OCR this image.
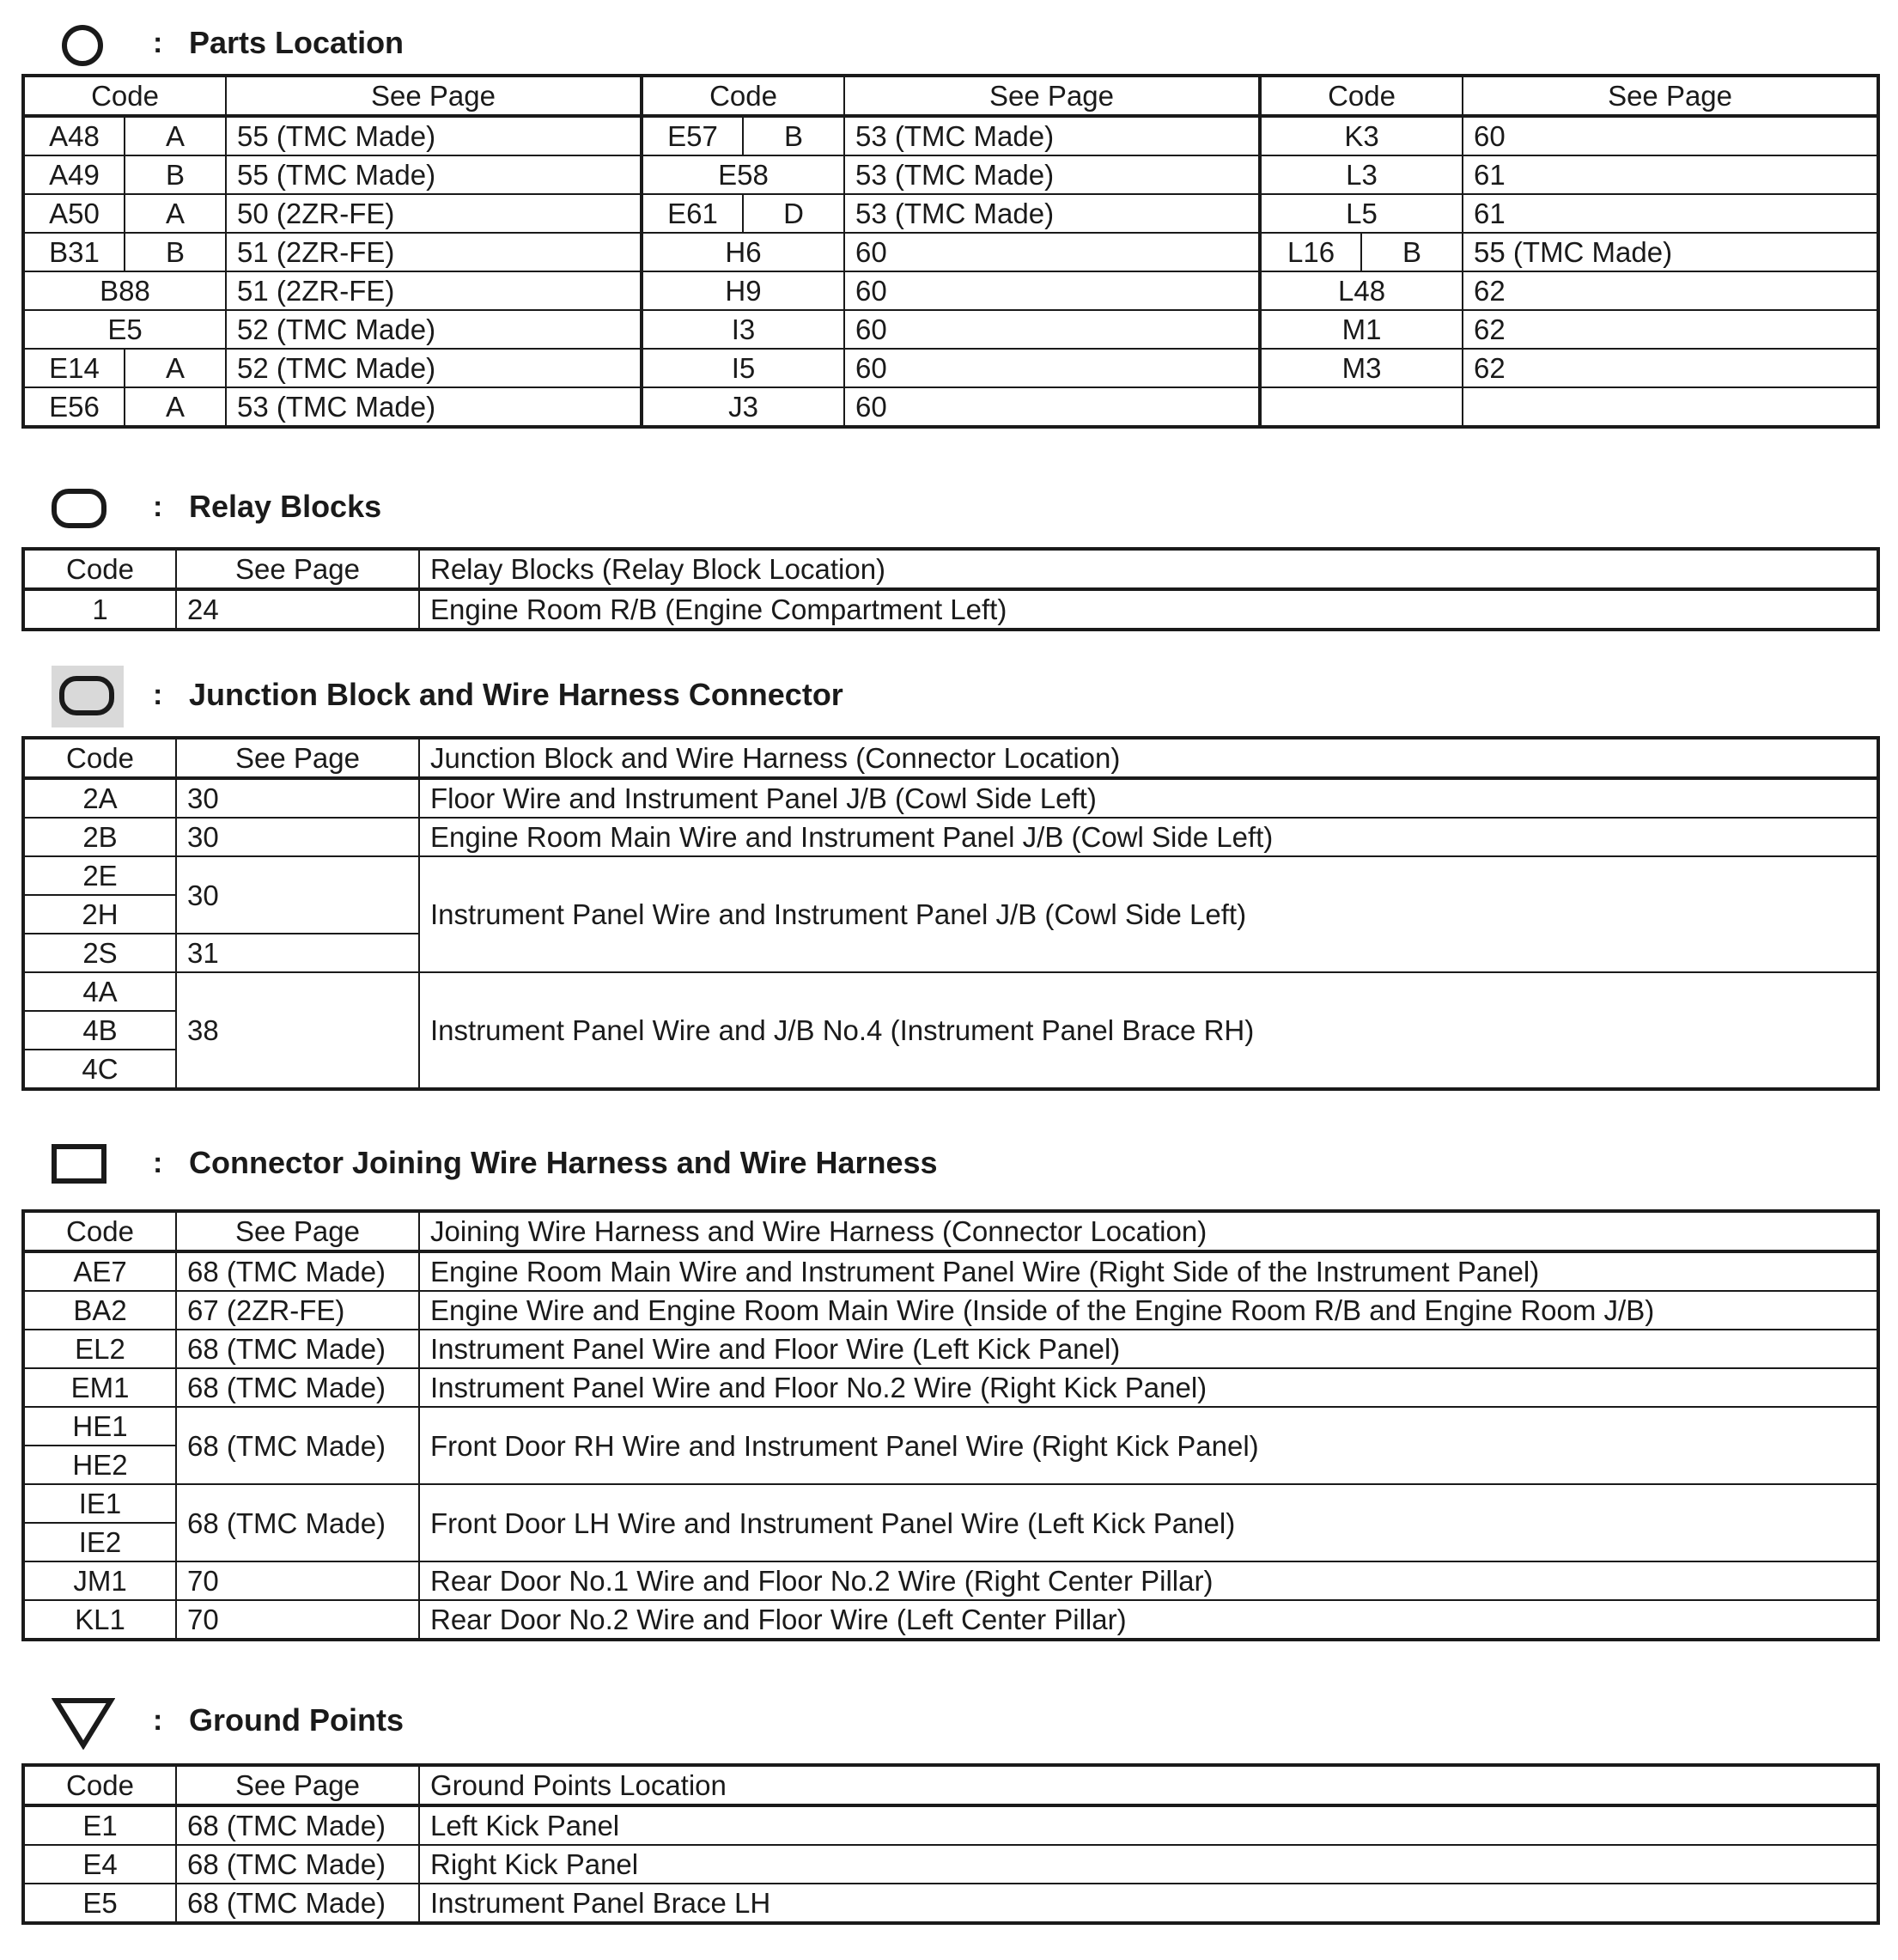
: Parts Location
Code		See Page	Code		See Page	Code		See Page
A48	A	55 (TMC Made)	E57	B	53 (TMC Made)	K3		60
A49	B	55 (TMC Made)	E58		53 (TMC Made)	L3		61
A50	A	50 (2ZR-FE)	E61	D	53 (TMC Made)	L5		61
B31	B	51 (2ZR-FE)	H6		60	L16	B	55 (TMC Made)
B88		51 (2ZR-FE)	H9		60	L48		62
E5		52 (TMC Made)	I3		60	M1		62
E14	A	52 (TMC Made)	I5		60	M3		62
E56	A	53 (TMC Made)	J3		60			
: Relay Blocks
Code	See Page	Relay Blocks (Relay Block Location)
1	24	Engine Room R/B (Engine Compartment Left)
: Junction Block and Wire Harness Connector
Code	See Page	Junction Block and Wire Harness (Connector Location)
2A	30	Floor Wire and Instrument Panel J/B (Cowl Side Left)
2B	30	Engine Room Main Wire and Instrument Panel J/B (Cowl Side Left)
2E	30	Instrument Panel Wire and Instrument Panel J/B (Cowl Side Left)
2H		
2S	31	
4A	38	Instrument Panel Wire and J/B No.4 (Instrument Panel Brace RH)
4B		
4C		
: Connector Joining Wire Harness and Wire Harness
Code	See Page	Joining Wire Harness and Wire Harness (Connector Location)
AE7	68 (TMC Made)	Engine Room Main Wire and Instrument Panel Wire (Right Side of the Instrument Panel)
BA2	67 (2ZR-FE)	Engine Wire and Engine Room Main Wire (Inside of the Engine Room R/B and Engine Room J/B)
EL2	68 (TMC Made)	Instrument Panel Wire and Floor Wire (Left Kick Panel)
EM1	68 (TMC Made)	Instrument Panel Wire and Floor No.2 Wire (Right Kick Panel)
HE1	68 (TMC Made)	Front Door RH Wire and Instrument Panel Wire (Right Kick Panel)
HE2		
IE1	68 (TMC Made)	Front Door LH Wire and Instrument Panel Wire (Left Kick Panel)
IE2		
JM1	70	Rear Door No.1 Wire and Floor No.2 Wire (Right Center Pillar)
KL1	70	Rear Door No.2 Wire and Floor Wire (Left Center Pillar)
: Ground Points
Code	See Page	Ground Points Location
E1	68 (TMC Made)	Left Kick Panel
E4	68 (TMC Made)	Right Kick Panel
E5	68 (TMC Made)	Instrument Panel Brace LH
